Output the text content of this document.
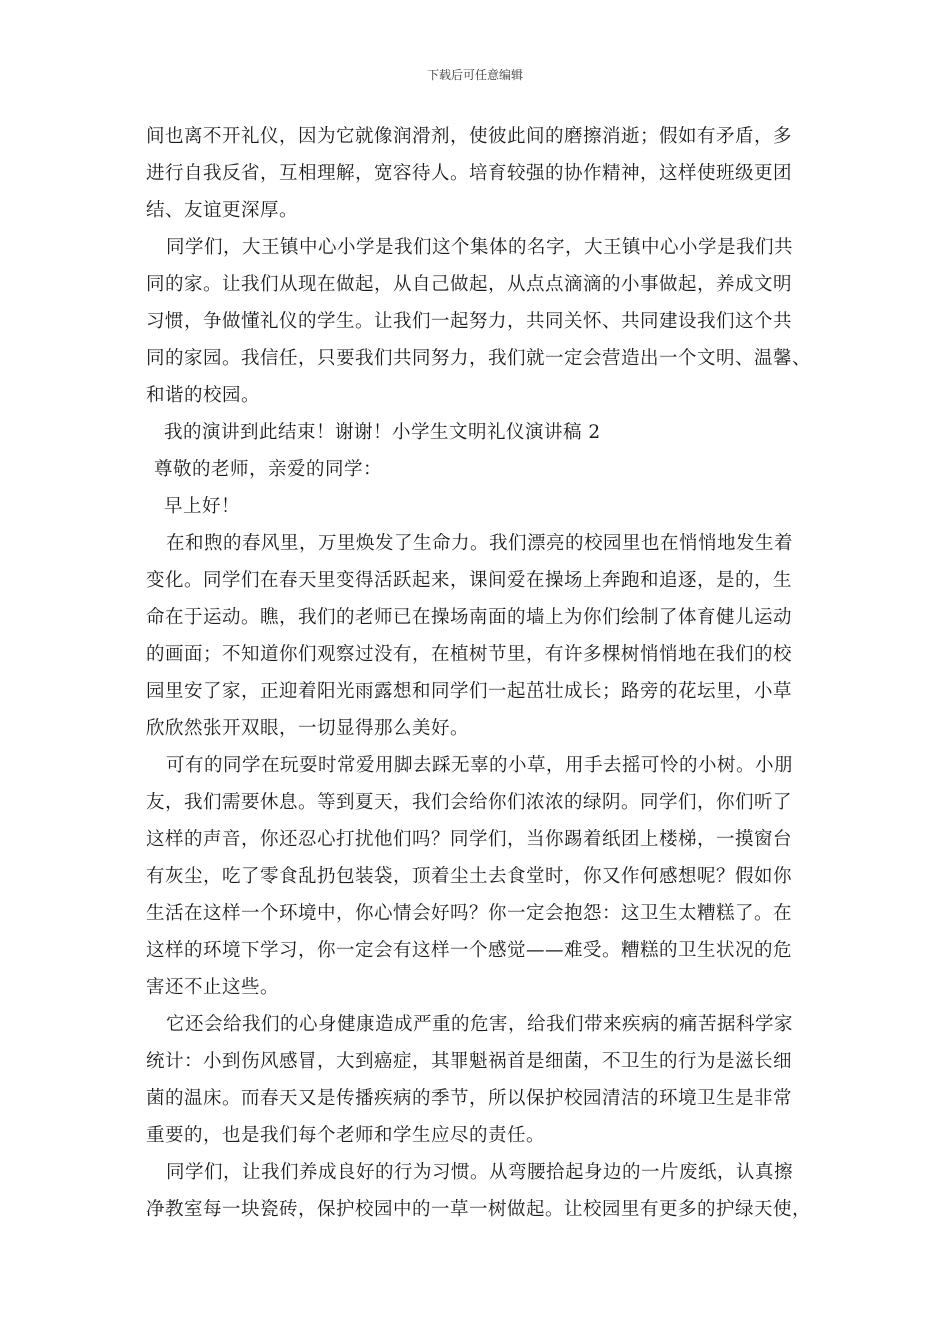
下载后可任意编辑
间也离不开礼仪，因为它就像润滑剂，使彼此间的磨擦消逝；假如有矛盾，多
进行自我反省，互相理解，宽容待人。培育较强的协作精神，这样使班级更团
结、友谊更深厚。
同学们，大王镇中心小学是我们这个集体的名字，大王镇中心小学是我们共
同的家。让我们从现在做起，从自己做起，从点点滴滴的小事做起，养成文明
习惯，争做懂礼仪的学生。让我们一起努力，共同关怀、共同建设我们这个共
同的家园。我信任，只要我们共同努力，我们就一定会营造出一个文明、温馨、
和谐的校园。
我的演讲到此结束！谢谢！小学生文明礼仪演讲稿 2
尊敬的老师，亲爱的同学：
早上好！
在和煦的春风里，万里焕发了生命力。我们漂亮的校园里也在悄悄地发生着
变化。同学们在春天里变得活跃起来，课间爱在操场上奔跑和追逐，是的，生
命在于运动。瞧，我们的老师已在操场南面的墙上为你们绘制了体育健儿运动
的画面；不知道你们观察过没有，在植树节里，有许多棵树悄悄地在我们的校
园里安了家，正迎着阳光雨露想和同学们一起茁壮成长；路旁的花坛里，小草
欣欣然张开双眼，一切显得那么美好。
可有的同学在玩耍时常爱用脚去踩无辜的小草，用手去摇可怜的小树。小朋
友，我们需要休息。等到夏天，我们会给你们浓浓的绿阴。同学们，你们听了
这样的声音，你还忍心打扰他们吗？同学们，当你踢着纸团上楼梯，一摸窗台
有灰尘，吃了零食乱扔包装袋，顶着尘土去食堂时，你又作何感想呢？假如你
生活在这样一个环境中，你心情会好吗？你一定会抱怨：这卫生太糟糕了。在
这样的环境下学习，你一定会有这样一个感觉——难受。糟糕的卫生状况的危
害还不止这些。
它还会给我们的心身健康造成严重的危害，给我们带来疾病的痛苦据科学家
统计：小到伤风感冒，大到癌症，其罪魁祸首是细菌，不卫生的行为是滋长细
菌的温床。而春天又是传播疾病的季节，所以保护校园清洁的环境卫生是非常
重要的，也是我们每个老师和学生应尽的责任。
同学们，让我们养成良好的行为习惯。从弯腰拾起身边的一片废纸，认真擦
净教室每一块瓷砖，保护校园中的一草一树做起。让校园里有更多的护绿天使，
